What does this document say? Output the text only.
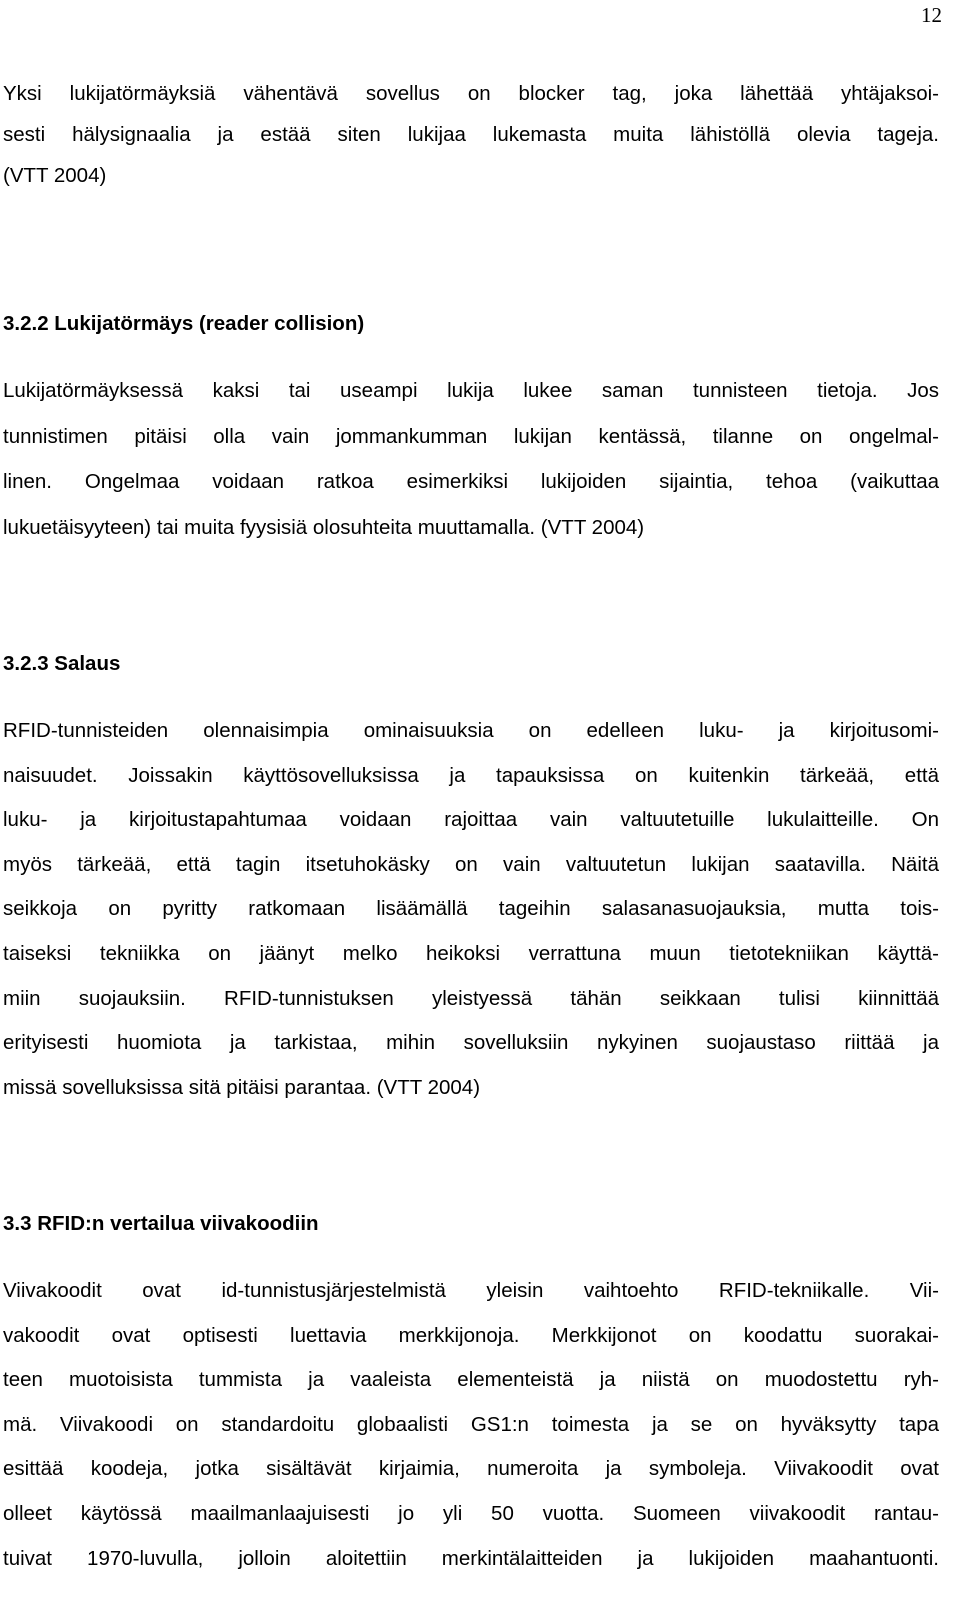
12

Yksi lukijatörmäyksiä vähentävä sovellus on blocker tag, joka lähettää yhtäjaksoi-
sesti hälysignaalia ja estää siten lukijaa lukemasta muita lähistöllä olevia tageja.
(VTT 2004)

3.2.2 Lukijatörmäys (reader collision)

Lukijatörmäyksessä kaksi tai useampi lukija lukee saman tunnisteen tietoja. Jos
tunnistimen pitäisi olla vain jommankumman lukijan kentässä, tilanne on ongelmal-
linen. Ongelmaa voidaan ratkoa esimerkiksi lukijoiden sijaintia, tehoa (vaikuttaa
lukuetäisyyteen) tai muita fyysisiä olosuhteita muuttamalla. (VTT 2004)

3.2.3 Salaus

RFID-tunnisteiden olennaisimpia ominaisuuksia on edelleen luku- ja kirjoitusomi-
naisuudet. Joissakin käyttösovelluksissa ja tapauksissa on kuitenkin tärkeää, että
luku- ja kirjoitustapahtumaa voidaan rajoittaa vain valtuutetuille lukulaitteille. On
myös tärkeää, että tagin itsetuhokäsky on vain valtuutetun lukijan saatavilla. Näitä
seikkoja on pyritty ratkomaan lisäämällä tageihin salasanasuojauksia, mutta tois-
taiseksi tekniikka on jäänyt melko heikoksi verrattuna muun tietotekniikan käyttä-
miin suojauksiin. RFID-tunnistuksen yleistyessä tähän seikkaan tulisi kiinnittää
erityisesti huomiota ja tarkistaa, mihin sovelluksiin nykyinen suojaustaso riittää ja
missä sovelluksissa sitä pitäisi parantaa. (VTT 2004)

3.3 RFID:n vertailua viivakoodiin

Viivakoodit ovat id-tunnistusjärjestelmistä yleisin vaihtoehto RFID-tekniikalle. Vii-
vakoodit ovat optisesti luettavia merkkijonoja. Merkkijonot on koodattu suorakai-
teen muotoisista tummista ja vaaleista elementeistä ja niistä on muodostettu ryh-
mä. Viivakoodi on standardoitu globaalisti GS1:n toimesta ja se on hyväksytty tapa
esittää koodeja, jotka sisältävät kirjaimia, numeroita ja symboleja. Viivakoodit ovat
olleet käytössä maailmanlaajuisesti jo yli 50 vuotta. Suomeen viivakoodit rantau-
tuivat 1970-luvulla, jolloin aloitettiin merkintälaitteiden ja lukijoiden maahantuonti.
